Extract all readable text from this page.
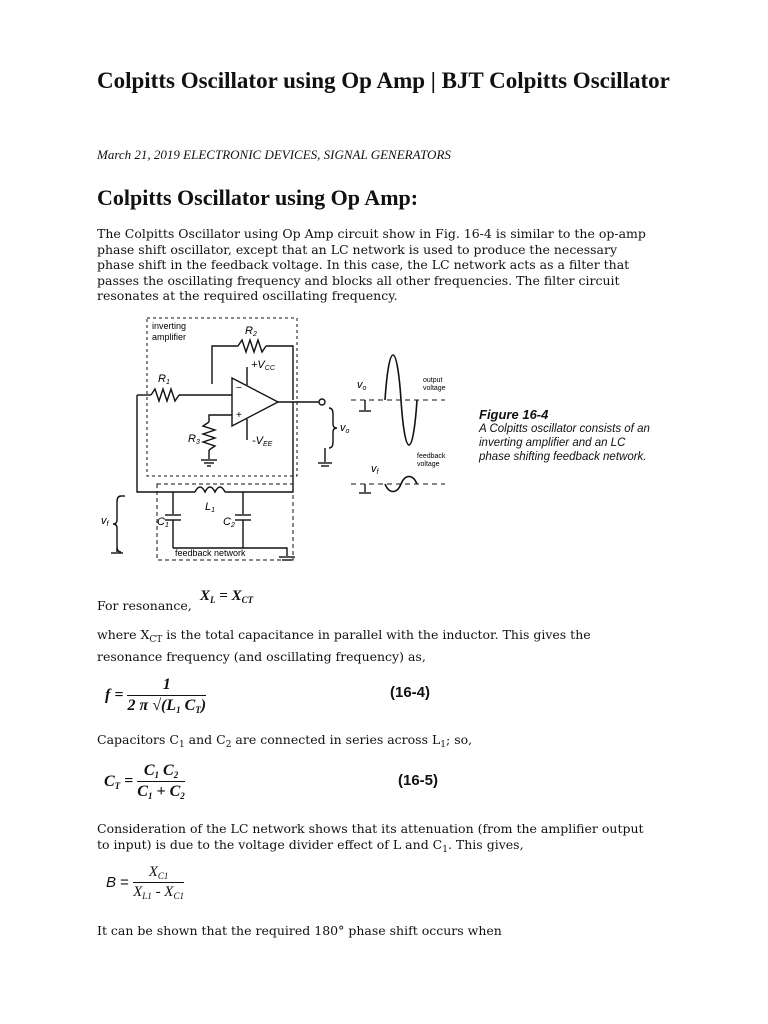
Colpitts Oscillator using Op Amp | BJT Colpitts Oscillator
March 21, 2019 ELECTRONIC DEVICES, SIGNAL GENERATORS
Colpitts Oscillator using Op Amp:
The Colpitts Oscillator using Op Amp circuit show in Fig. 16-4 is similar to the op-amp phase shift oscillator, except that an LC network is used to produce the necessary phase shift in the feedback voltage. In this case, the LC network acts as a filter that passes the oscillating frequency and blocks all other frequencies. The filter circuit resonates at the required oscillating frequency.
−
+
inverting
amplifier	R2
R1
R3
+VCC
-VEE
vo
vf
L1
C1	C2
feedback network
vo
vf
output
voltage
feedback
voltage
Figure 16-4
A Colpitts oscillator consists of an inverting amplifier and an LC phase shifting feedback network.
For resonance,
$X_L = X_{CT}$
where $X_{CT}$ is the total capacitance in parallel with the inductor. This gives the resonance frequency (and oscillating frequency) as,
$f = \frac{1}{2 \pi √(L_1 C_T)}$	(16-4)
Capacitors $C_1$ and $C_2$ are connected in series across $L_1$; so,
$C_T = \frac{C_1 C_2}{C_1 + C_2}$	(16-5)
Consideration of the LC network shows that its attenuation (from the amplifier output to input) is due to the voltage divider effect of L and $C_1$. This gives,
$B = \frac{X_{C1}}{X_{L1} - X_{C1}}$
It can be shown that the required 180° phase shift occurs when
